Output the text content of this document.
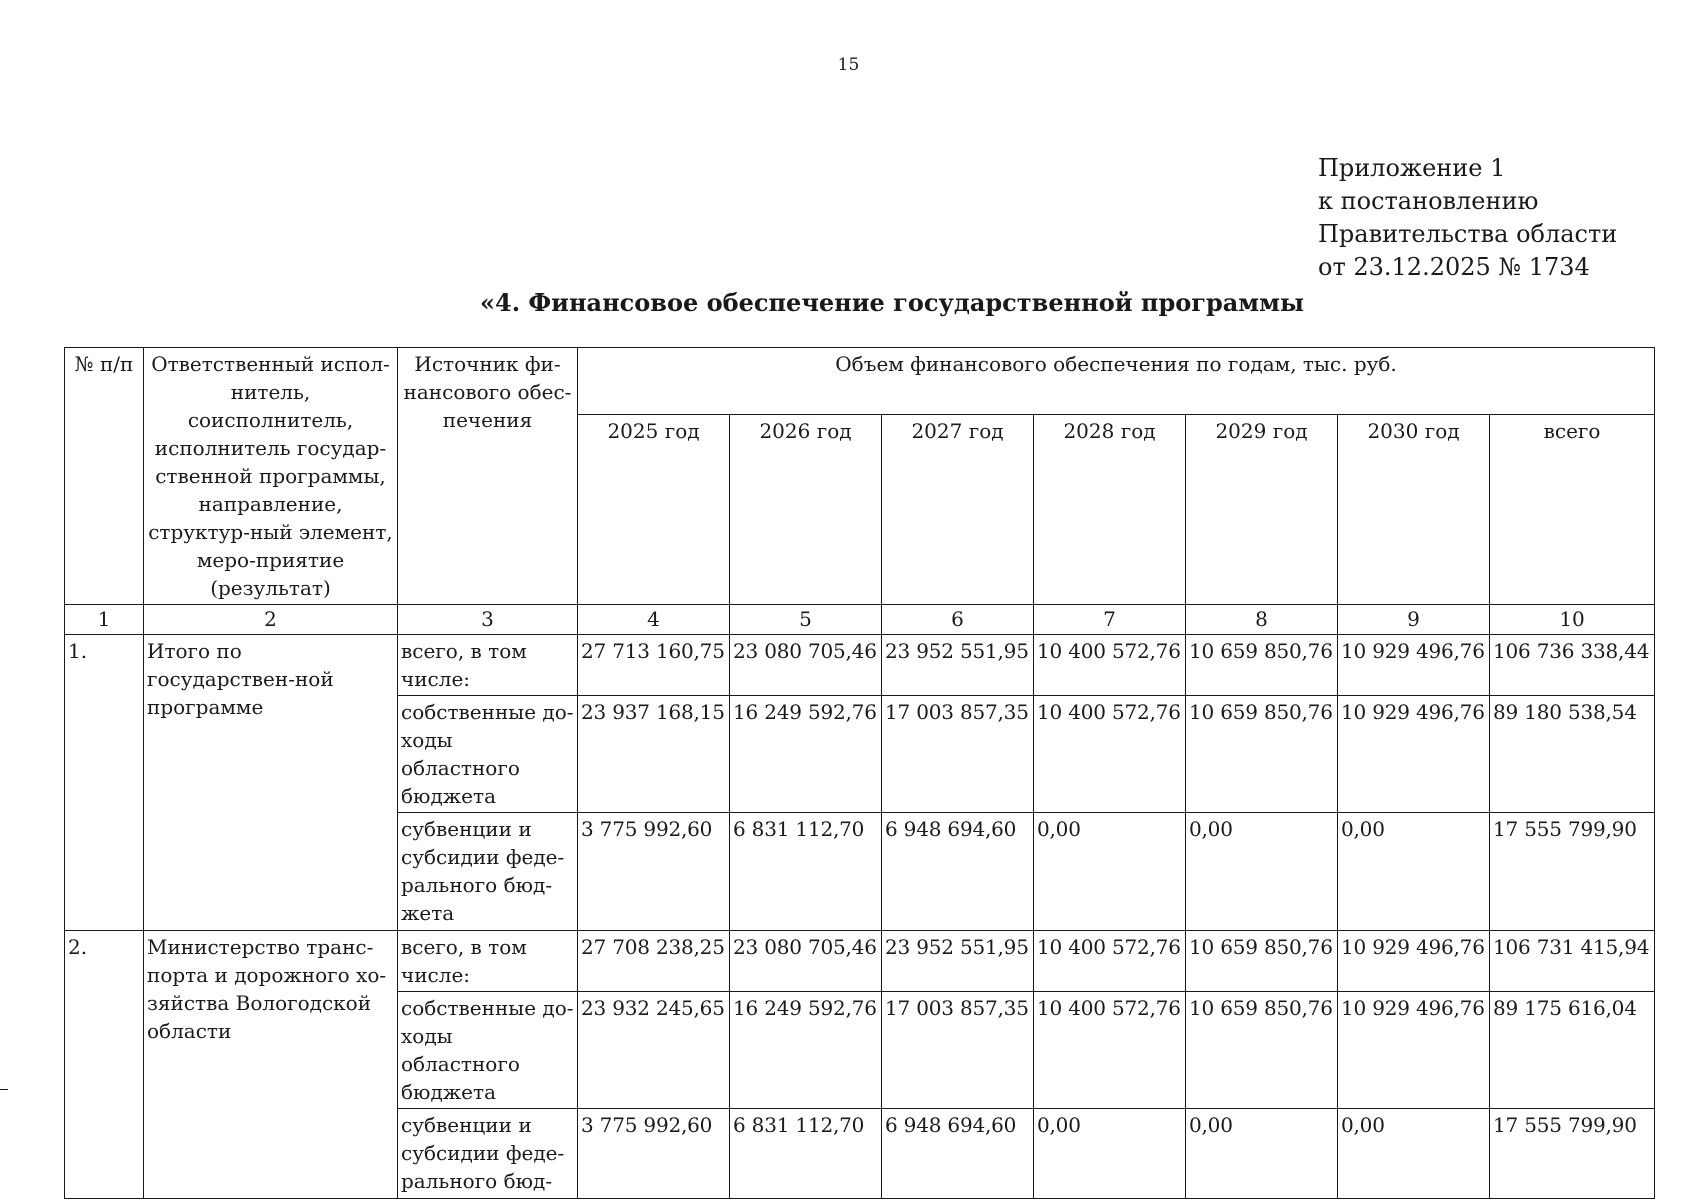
15
Приложение 1
к постановлению
Правительства области
от 23.12.2025 № 1734
«4. Финансовое обеспечение государственной программы
№ п/п	Ответственный испол-нитель, соисполнитель, исполнитель государ-ственной программы, направление, структур-ный элемент, меро-приятие (результат)	Источник фи-нансового обес-печения	Объем финансового обеспечения по годам, тыс. руб.						
			2025 год	2026 год	2027 год	2028 год	2029 год	2030 год	всего
1	2	3	4	5	6	7	8	9	10
1.	Итого по государствен-ной программе	всего, в том числе:	27 713 160,75	23 080 705,46	23 952 551,95	10 400 572,76	10 659 850,76	10 929 496,76	106 736 338,44
		собственные до-ходы областного бюджета	23 937 168,15	16 249 592,76	17 003 857,35	10 400 572,76	10 659 850,76	10 929 496,76	89 180 538,54
		субвенции и субсидии феде-рального бюд-жета	3 775 992,60	6 831 112,70	6 948 694,60	0,00	0,00	0,00	17 555 799,90
2.	Министерство транс-порта и дорожного хо-зяйства Вологодской области	всего, в том числе:	27 708 238,25	23 080 705,46	23 952 551,95	10 400 572,76	10 659 850,76	10 929 496,76	106 731 415,94
		собственные до-ходы областного бюджета	23 932 245,65	16 249 592,76	17 003 857,35	10 400 572,76	10 659 850,76	10 929 496,76	89 175 616,04
		субвенции и субсидии феде-рального бюд-	3 775 992,60	6 831 112,70	6 948 694,60	0,00	0,00	0,00	17 555 799,90
